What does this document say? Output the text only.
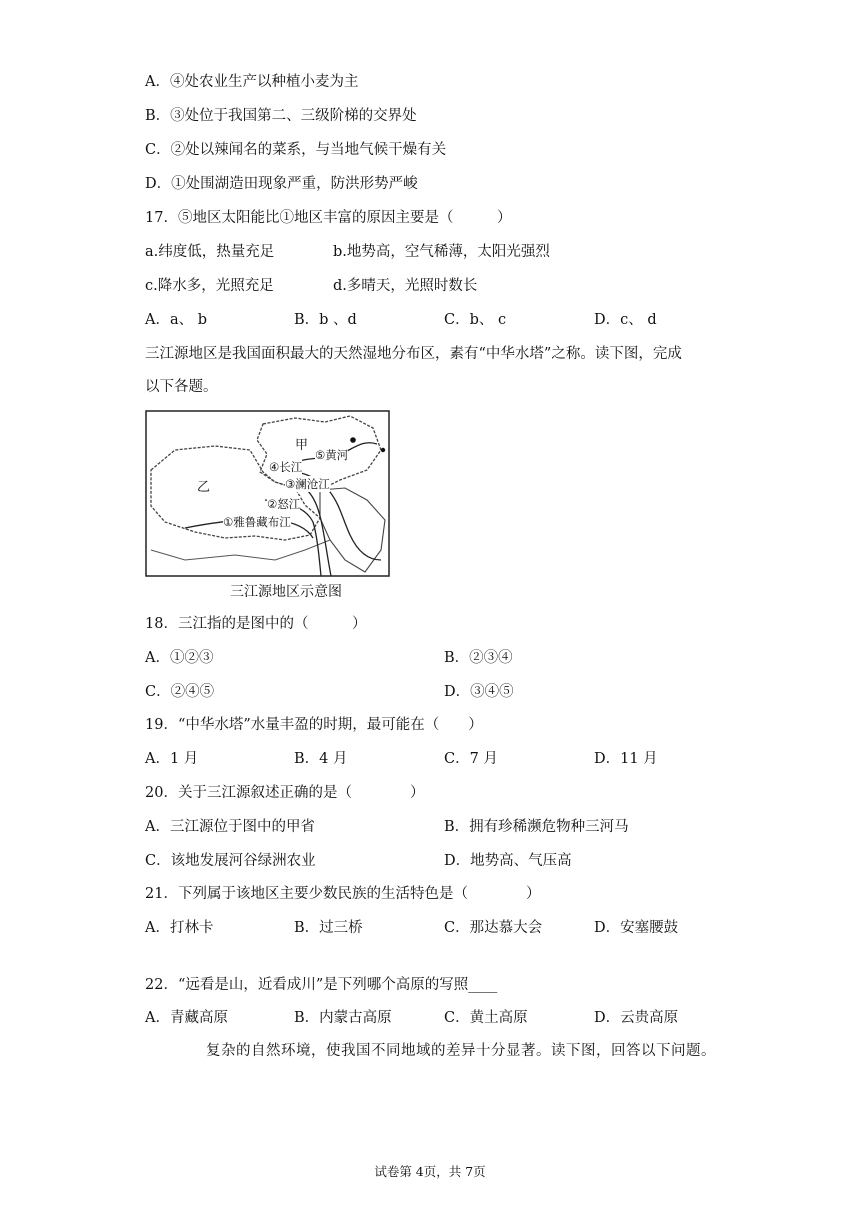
A．④处农业生产以种植小麦为主
B．③处位于我国第二、三级阶梯的交界处
C．②处以辣闻名的菜系，与当地气候干燥有关
D．①处围湖造田现象严重，防洪形势严峻
17．⑤地区太阳能比①地区丰富的原因主要是（　　　）
a.纬度低，热量充足	b.地势高，空气稀薄，太阳光强烈
c.降水多，光照充足	d.多晴天，光照时数长
A．a、 b	B．b 、d	C．b、 c	D．c、 d
三江源地区是我国面积最大的天然湿地分布区，素有“中华水塔”之称。读下图，完成
以下各题。
甲
乙
⑤黄河
④长江
③澜沧江
②怒江
①雅鲁藏布江
三江源地区示意图
18．三江指的是图中的（　　　）
A．①②③	B．②③④
C．②④⑤	D．③④⑤
19．“中华水塔”水量丰盈的时期，最可能在（　　）
A．1 月	B．4 月	C．7 月	D．11 月
20．关于三江源叙述正确的是（　　　　）
A．三江源位于图中的甲省	B．拥有珍稀濒危物种三河马
C．该地发展河谷绿洲农业	D．地势高、气压高
21．下列属于该地区主要少数民族的生活特色是（　　　　）
A．打林卡	B．过三桥	C．那达慕大会	D．安塞腰鼓
22．“远看是山，近看成川”是下列哪个高原的写照____
A．青藏高原	B．内蒙古高原	C．黄土高原	D．云贵高原
复杂的自然环境，使我国不同地域的差异十分显著。读下图，回答以下问题。
试卷第 4页，共 7页
